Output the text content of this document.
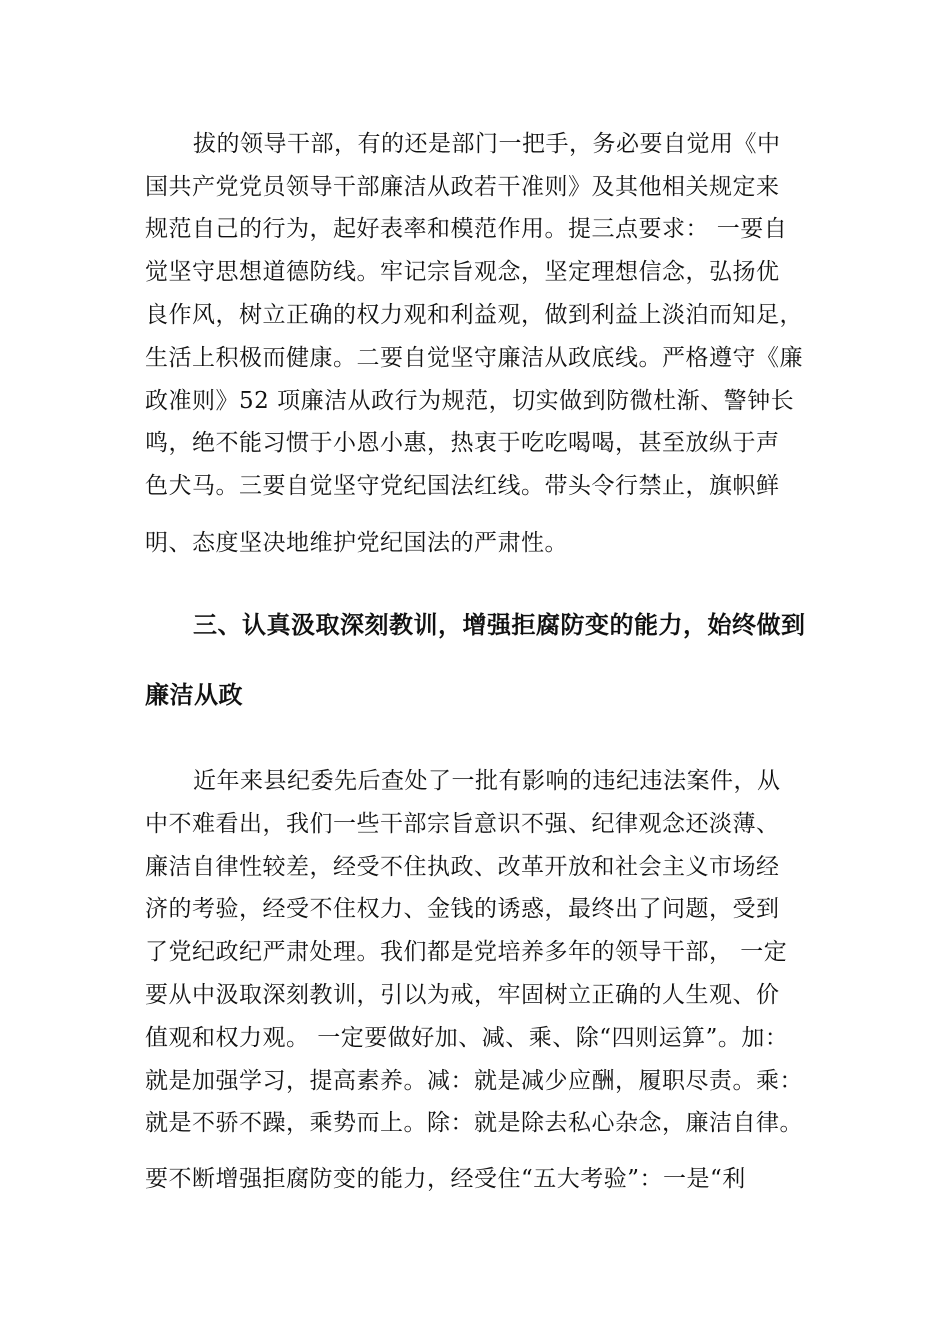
拔的领导干部，有的还是部门一把手，务必要自觉用《中
国共产党党员领导干部廉洁从政若干准则》及其他相关规定来
规范自己的行为，起好表率和模范作用。提三点要求： 一要自
觉坚守思想道德防线。牢记宗旨观念，坚定理想信念，弘扬优
良作风，树立正确的权力观和利益观，做到利益上淡泊而知足，
生活上积极而健康。二要自觉坚守廉洁从政底线。严格遵守《廉
政准则》52 项廉洁从政行为规范，切实做到防微杜渐、警钟长
鸣，绝不能习惯于小恩小惠，热衷于吃吃喝喝，甚至放纵于声
色犬马。三要自觉坚守党纪国法红线。带头令行禁止，旗帜鲜
明、态度坚决地维护党纪国法的严肃性。
三、认真汲取深刻教训，增强拒腐防变的能力，始终做到
廉洁从政
近年来县纪委先后查处了一批有影响的违纪违法案件，从
中不难看出，我们一些干部宗旨意识不强、纪律观念还淡薄、
廉洁自律性较差，经受不住执政、改革开放和社会主义市场经
济的考验，经受不住权力、金钱的诱惑，最终出了问题，受到
了党纪政纪严肃处理。我们都是党培养多年的领导干部， 一定
要从中汲取深刻教训，引以为戒，牢固树立正确的人生观、价
值观和权力观。 一定要做好加、减、乘、除“四则运算”。加：
就是加强学习，提高素养。减：就是减少应酬，履职尽责。乘：
就是不骄不躁，乘势而上。除：就是除去私心杂念，廉洁自律。
要不断增强拒腐防变的能力，经受住“五大考验”：一是“利
